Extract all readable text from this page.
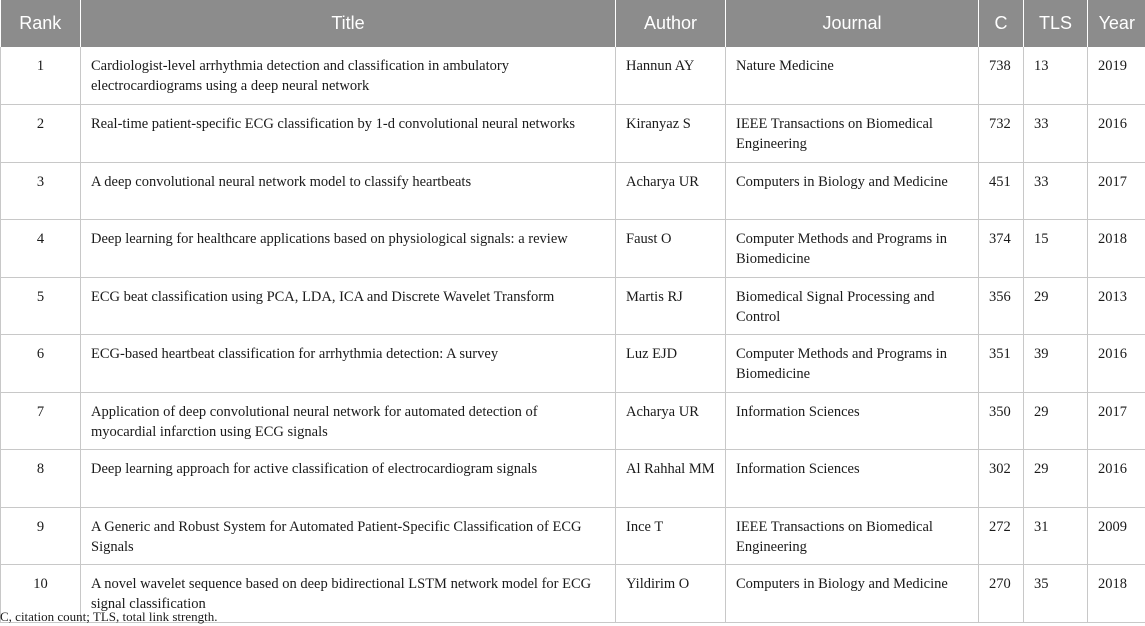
Rank	Title	Author	Journal	C	TLS	Year
1	Cardiologist-level arrhythmia detection and classification in ambulatory electrocardiograms using a deep neural network	Hannun AY	Nature Medicine	738	13	2019
2	Real-time patient-specific ECG classification by 1-d convolutional neural networks	Kiranyaz S	IEEE Transactions on Biomedical Engineering	732	33	2016
3	A deep convolutional neural network model to classify heartbeats	Acharya UR	Computers in Biology and Medicine	451	33	2017
4	Deep learning for healthcare applications based on physiological signals: a review	Faust O	Computer Methods and Programs in Biomedicine	374	15	2018
5	ECG beat classification using PCA, LDA, ICA and Discrete Wavelet Transform	Martis RJ	Biomedical Signal Processing and Control	356	29	2013
6	ECG-based heartbeat classification for arrhythmia detection: A survey	Luz EJD	Computer Methods and Programs in Biomedicine	351	39	2016
7	Application of deep convolutional neural network for automated detection of myocardial infarction using ECG signals	Acharya UR	Information Sciences	350	29	2017
8	Deep learning approach for active classification of electrocardiogram signals	Al Rahhal MM	Information Sciences	302	29	2016
9	A Generic and Robust System for Automated Patient-Specific Classification of ECG Signals	Ince T	IEEE Transactions on Biomedical Engineering	272	31	2009
10	A novel wavelet sequence based on deep bidirectional LSTM network model for ECG signal classification	Yildirim O	Computers in Biology and Medicine	270	35	2018
C, citation count; TLS, total link strength.
